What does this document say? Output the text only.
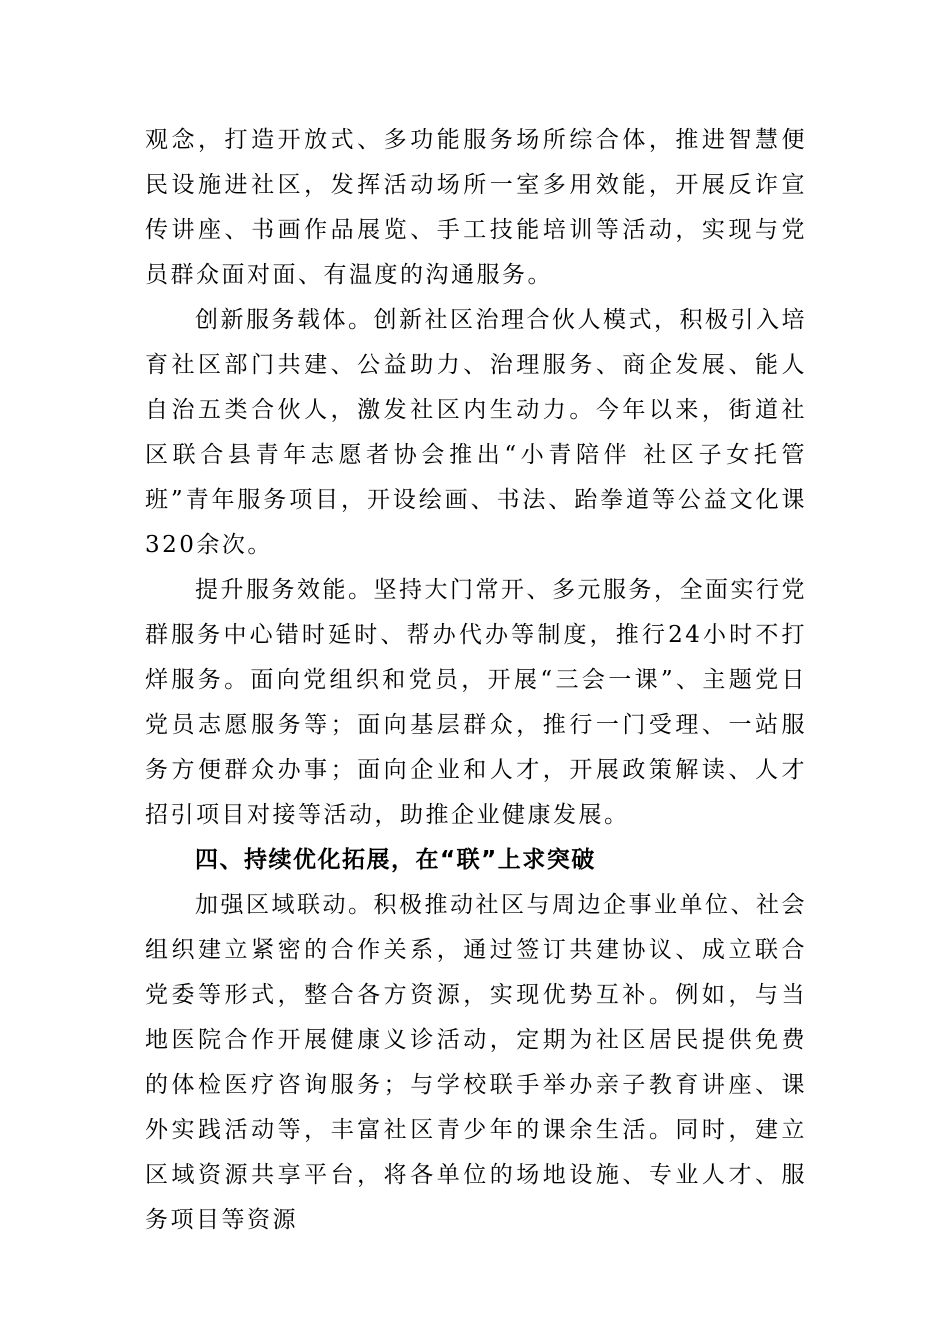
观念，打造开放式、多功能服务场所综合体，推进智慧便民设施进社区，发挥活动场所一室多用效能，开展反诈宣传讲座、书画作品展览、手工技能培训等活动，实现与党员群众面对面、有温度的沟通服务。

创新服务载体。创新社区治理合伙人模式，积极引入培育社区部门共建、公益助力、治理服务、商企发展、能人自治五类合伙人，激发社区内生动力。今年以来，街道社区联合县青年志愿者协会推出“小青陪伴 社区子女托管班”青年服务项目，开设绘画、书法、跆拳道等公益文化课320余次。

提升服务效能。坚持大门常开、多元服务，全面实行党群服务中心错时延时、帮办代办等制度，推行24小时不打烊服务。面向党组织和党员，开展“三会一课”、主题党日党员志愿服务等；面向基层群众，推行一门受理、一站服务方便群众办事；面向企业和人才，开展政策解读、人才招引项目对接等活动，助推企业健康发展。

四、持续优化拓展，在“联”上求突破

加强区域联动。积极推动社区与周边企事业单位、社会组织建立紧密的合作关系，通过签订共建协议、成立联合党委等形式，整合各方资源，实现优势互补。例如，与当地医院合作开展健康义诊活动，定期为社区居民提供免费的体检医疗咨询服务；与学校联手举办亲子教育讲座、课外实践活动等，丰富社区青少年的课余生活。同时，建立区域资源共享平台，将各单位的场地设施、专业人才、服务项目等资源
